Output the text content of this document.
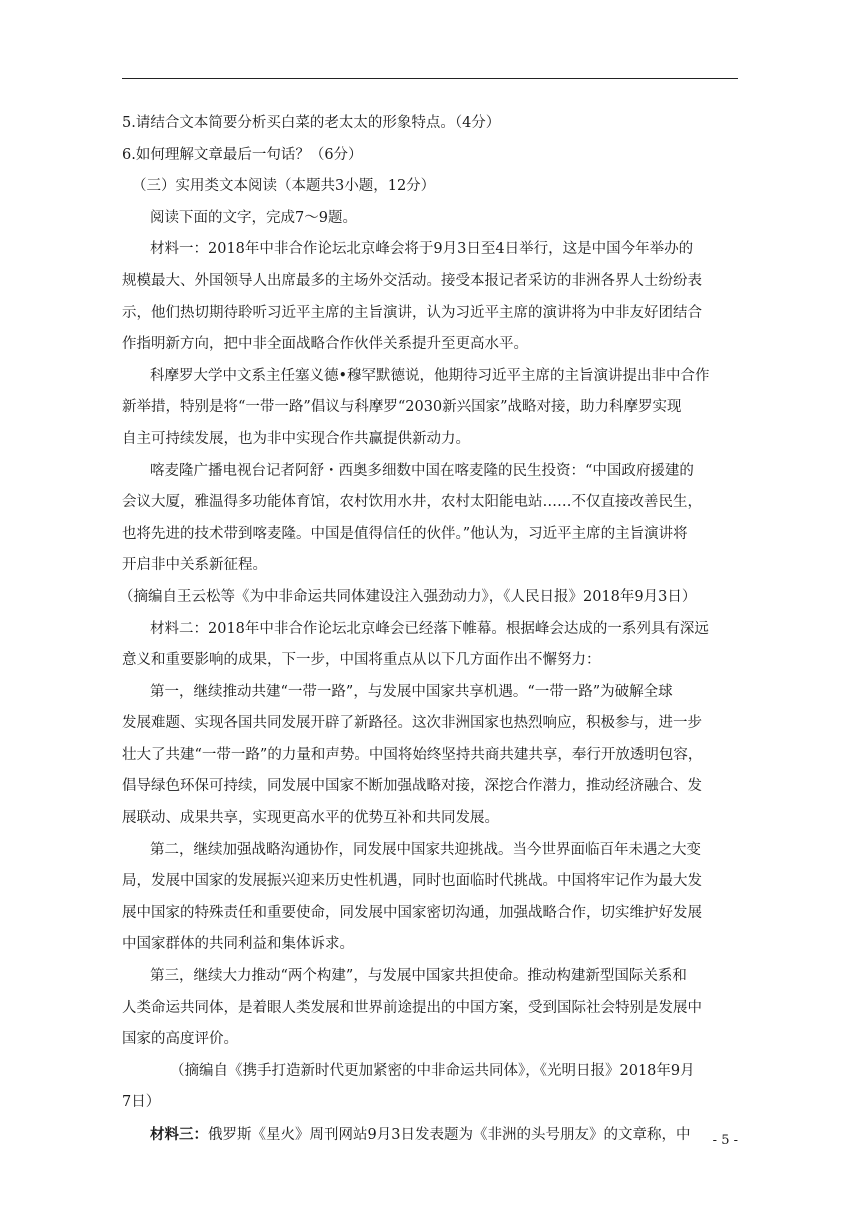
5.请结合文本简要分析买白菜的老太太的形象特点。（4分）
6.如何理解文章最后一句话？（6分）
（三）实用类文本阅读（本题共3小题，12分）
阅读下面的文字，完成7～9题。
材料一：2018年中非合作论坛北京峰会将于9月3日至4日举行，这是中国今年举办的
规模最大、外国领导人出席最多的主场外交活动。接受本报记者采访的非洲各界人士纷纷表
示，他们热切期待聆听习近平主席的主旨演讲，认为习近平主席的演讲将为中非友好团结合
作指明新方向，把中非全面战略合作伙伴关系提升至更高水平。
科摩罗大学中文系主任塞义德•穆罕默德说，他期待习近平主席的主旨演讲提出非中合作
新举措，特别是将“一带一路”倡议与科摩罗“2030新兴国家”战略对接，助力科摩罗实现
自主可持续发展，也为非中实现合作共赢提供新动力。
喀麦隆广播电视台记者阿舒・西奥多细数中国在喀麦隆的民生投资：“中国政府援建的
会议大厦，雅温得多功能体育馆，农村饮用水井，农村太阳能电站……不仅直接改善民生，
也将先进的技术带到喀麦隆。中国是值得信任的伙伴。”他认为，习近平主席的主旨演讲将
开启非中关系新征程。
（摘编自王云松等《为中非命运共同体建设注入强劲动力》，《人民日报》2018年9月3日）
材料二：2018年中非合作论坛北京峰会已经落下帷幕。根据峰会达成的一系列具有深远
意义和重要影响的成果，下一步，中国将重点从以下几方面作出不懈努力：
第一，继续推动共建“一带一路”，与发展中国家共享机遇。“一带一路”为破解全球
发展难题、实现各国共同发展开辟了新路径。这次非洲国家也热烈响应，积极参与，进一步
壮大了共建“一带一路”的力量和声势。中国将始终坚持共商共建共享，奉行开放透明包容，
倡导绿色环保可持续，同发展中国家不断加强战略对接，深挖合作潜力，推动经济融合、发
展联动、成果共享，实现更高水平的优势互补和共同发展。
第二，继续加强战略沟通协作，同发展中国家共迎挑战。当今世界面临百年未遇之大变
局，发展中国家的发展振兴迎来历史性机遇，同时也面临时代挑战。中国将牢记作为最大发
展中国家的特殊责任和重要使命，同发展中国家密切沟通，加强战略合作，切实维护好发展
中国家群体的共同利益和集体诉求。
第三，继续大力推动“两个构建”，与发展中国家共担使命。推动构建新型国际关系和
人类命运共同体，是着眼人类发展和世界前途提出的中国方案，受到国际社会特别是发展中
国家的高度评价。
（摘编自《携手打造新时代更加紧密的中非命运共同体》，《光明日报》2018年9月
7日）
材料三：俄罗斯《星火》周刊网站9月3日发表题为《非洲的头号朋友》的文章称，中	- 5 -
